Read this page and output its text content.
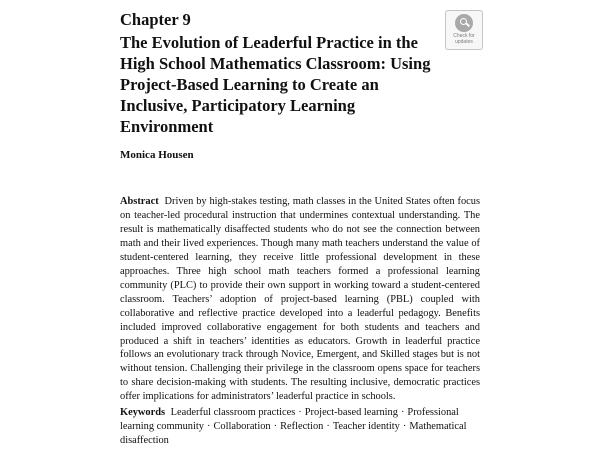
Chapter 9
The Evolution of Leaderful Practice in the High School Mathematics Classroom: Using Project-Based Learning to Create an Inclusive, Participatory Learning Environment
Check for
updates

Monica Housen

Abstract Driven by high-stakes testing, math classes in the United States often focus on teacher-led procedural instruction that undermines contextual understanding. The result is mathematically disaffected students who do not see the connection between math and their lived experiences. Though many math teachers understand the value of student-centered learning, they receive little professional development in these approaches. Three high school math teachers formed a professional learning community (PLC) to provide their own support in working toward a student-centered classroom. Teachers’ adoption of project-based learning (PBL) coupled with collaborative and reflective practice developed into a leaderful pedagogy. Benefits included improved collaborative engagement for both students and teachers and produced a shift in teachers’ identities as educators. Growth in leaderful practice follows an evolutionary track through Novice, Emergent, and Skilled stages but is not without tension. Challenging their privilege in the classroom opens space for teachers to share decision-making with students. The resulting inclusive, democratic practices offer implications for administrators’ leaderful practice in schools.

Keywords Leaderful classroom practices · Project-based learning · Professional learning community · Collaboration · Reflection · Teacher identity · Mathematical disaffection
